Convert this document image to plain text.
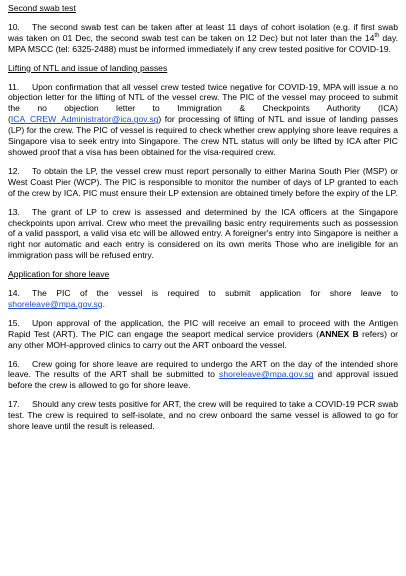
Second swab test

10. The second swab test can be taken after at least 11 days of cohort isolation (e.g. if first swab was taken on 01 Dec, the second swab test can be taken on 12 Dec) but not later than the 14th day. MPA MSCC (tel: 6325-2488) must be informed immediately if any crew tested positive for COVID-19.

Lifting of NTL and issue of landing passes

11. Upon confirmation that all vessel crew tested twice negative for COVID-19, MPA will issue a no objection letter for the lifting of NTL of the vessel crew. The PIC of the vessel may proceed to submit the no objection letter to Immigration & Checkpoints Authority (ICA) (ICA_CREW_Administrator@ica.gov.sg) for processing of lifting of NTL and issue of landing passes (LP) for the crew. The PIC of vessel is required to check whether crew applying shore leave requires a Singapore visa to seek entry into Singapore. The crew NTL status will only be lifted by ICA after PIC showed proof that a visa has been obtained for the visa-required crew.

12. To obtain the LP, the vessel crew must report personally to either Marina South Pier (MSP) or West Coast Pier (WCP). The PIC is responsible to monitor the number of days of LP granted to each of the crew by ICA. PIC must ensure their LP extension are obtained timely before the expiry of the LP.

13. The grant of LP to crew is assessed and determined by the ICA officers at the Singapore checkpoints upon arrival. Crew who meet the prevailing basic entry requirements such as possession of a valid passport, a valid visa etc will be allowed entry. A foreigner's entry into Singapore is neither a right nor automatic and each entry is considered on its own merits Those who are ineligible for an immigration pass will be refused entry.

Application for shore leave

14. The PIC of the vessel is required to submit application for shore leave to shoreleave@mpa.gov.sg.

15. Upon approval of the application, the PIC will receive an email to proceed with the Antigen Rapid Test (ART). The PIC can engage the seaport medical service providers (ANNEX B refers) or any other MOH-approved clinics to carry out the ART onboard the vessel.

16. Crew going for shore leave are required to undergo the ART on the day of the intended shore leave. The results of the ART shall be submitted to shoreleave@mpa.gov.sg and approval issued before the crew is allowed to go for shore leave.

17. Should any crew tests positive for ART, the crew will be required to take a COVID-19 PCR swab test. The crew is required to self-isolate, and no crew onboard the same vessel is allowed to go for shore leave until the result is released.
